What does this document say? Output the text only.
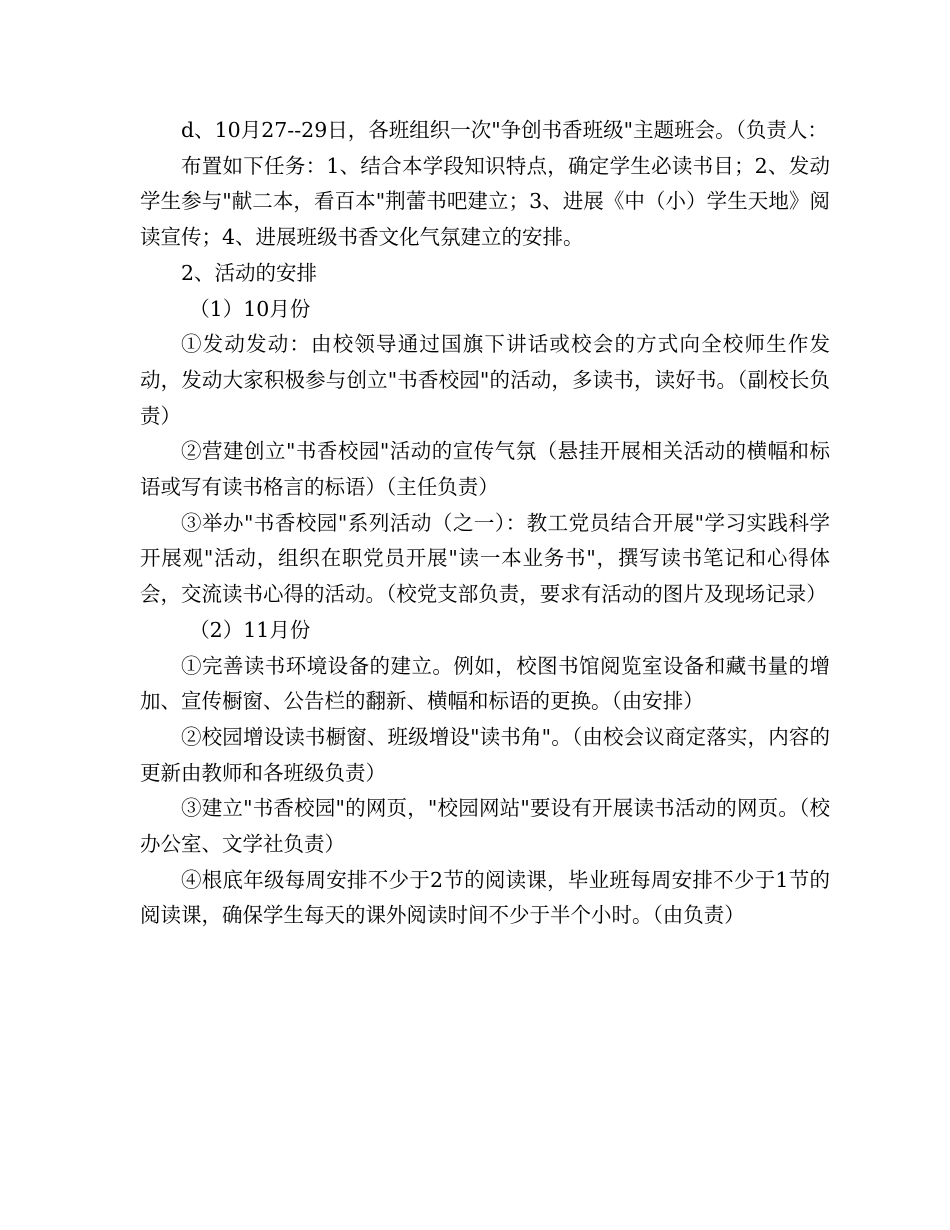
d、10月27--29日，各班组织一次"争创书香班级"主题班会。（负责人：

布置如下任务：1、结合本学段知识特点，确定学生必读书目；2、发动学生参与"献二本，看百本"荆蕾书吧建立；3、进展《中（小）学生天地》阅读宣传；4、进展班级书香文化气氛建立的安排。

2、活动的安排

（1）10月份

①发动发动：由校领导通过国旗下讲话或校会的方式向全校师生作发动，发动大家积极参与创立"书香校园"的活动，多读书，读好书。（副校长负责）

②营建创立"书香校园"活动的宣传气氛（悬挂开展相关活动的横幅和标语或写有读书格言的标语）（主任负责）

③举办"书香校园"系列活动（之一）：教工党员结合开展"学习实践科学开展观"活动，组织在职党员开展"读一本业务书"，撰写读书笔记和心得体会，交流读书心得的活动。（校党支部负责，要求有活动的图片及现场记录）

（2）11月份

①完善读书环境设备的建立。例如，校图书馆阅览室设备和藏书量的增加、宣传橱窗、公告栏的翻新、横幅和标语的更换。（由安排）

②校园增设读书橱窗、班级增设"读书角"。（由校会议商定落实，内容的更新由教师和各班级负责）

③建立"书香校园"的网页，"校园网站"要设有开展读书活动的网页。（校办公室、文学社负责）

④根底年级每周安排不少于2节的阅读课，毕业班每周安排不少于1节的阅读课，确保学生每天的课外阅读时间不少于半个小时。（由负责）
